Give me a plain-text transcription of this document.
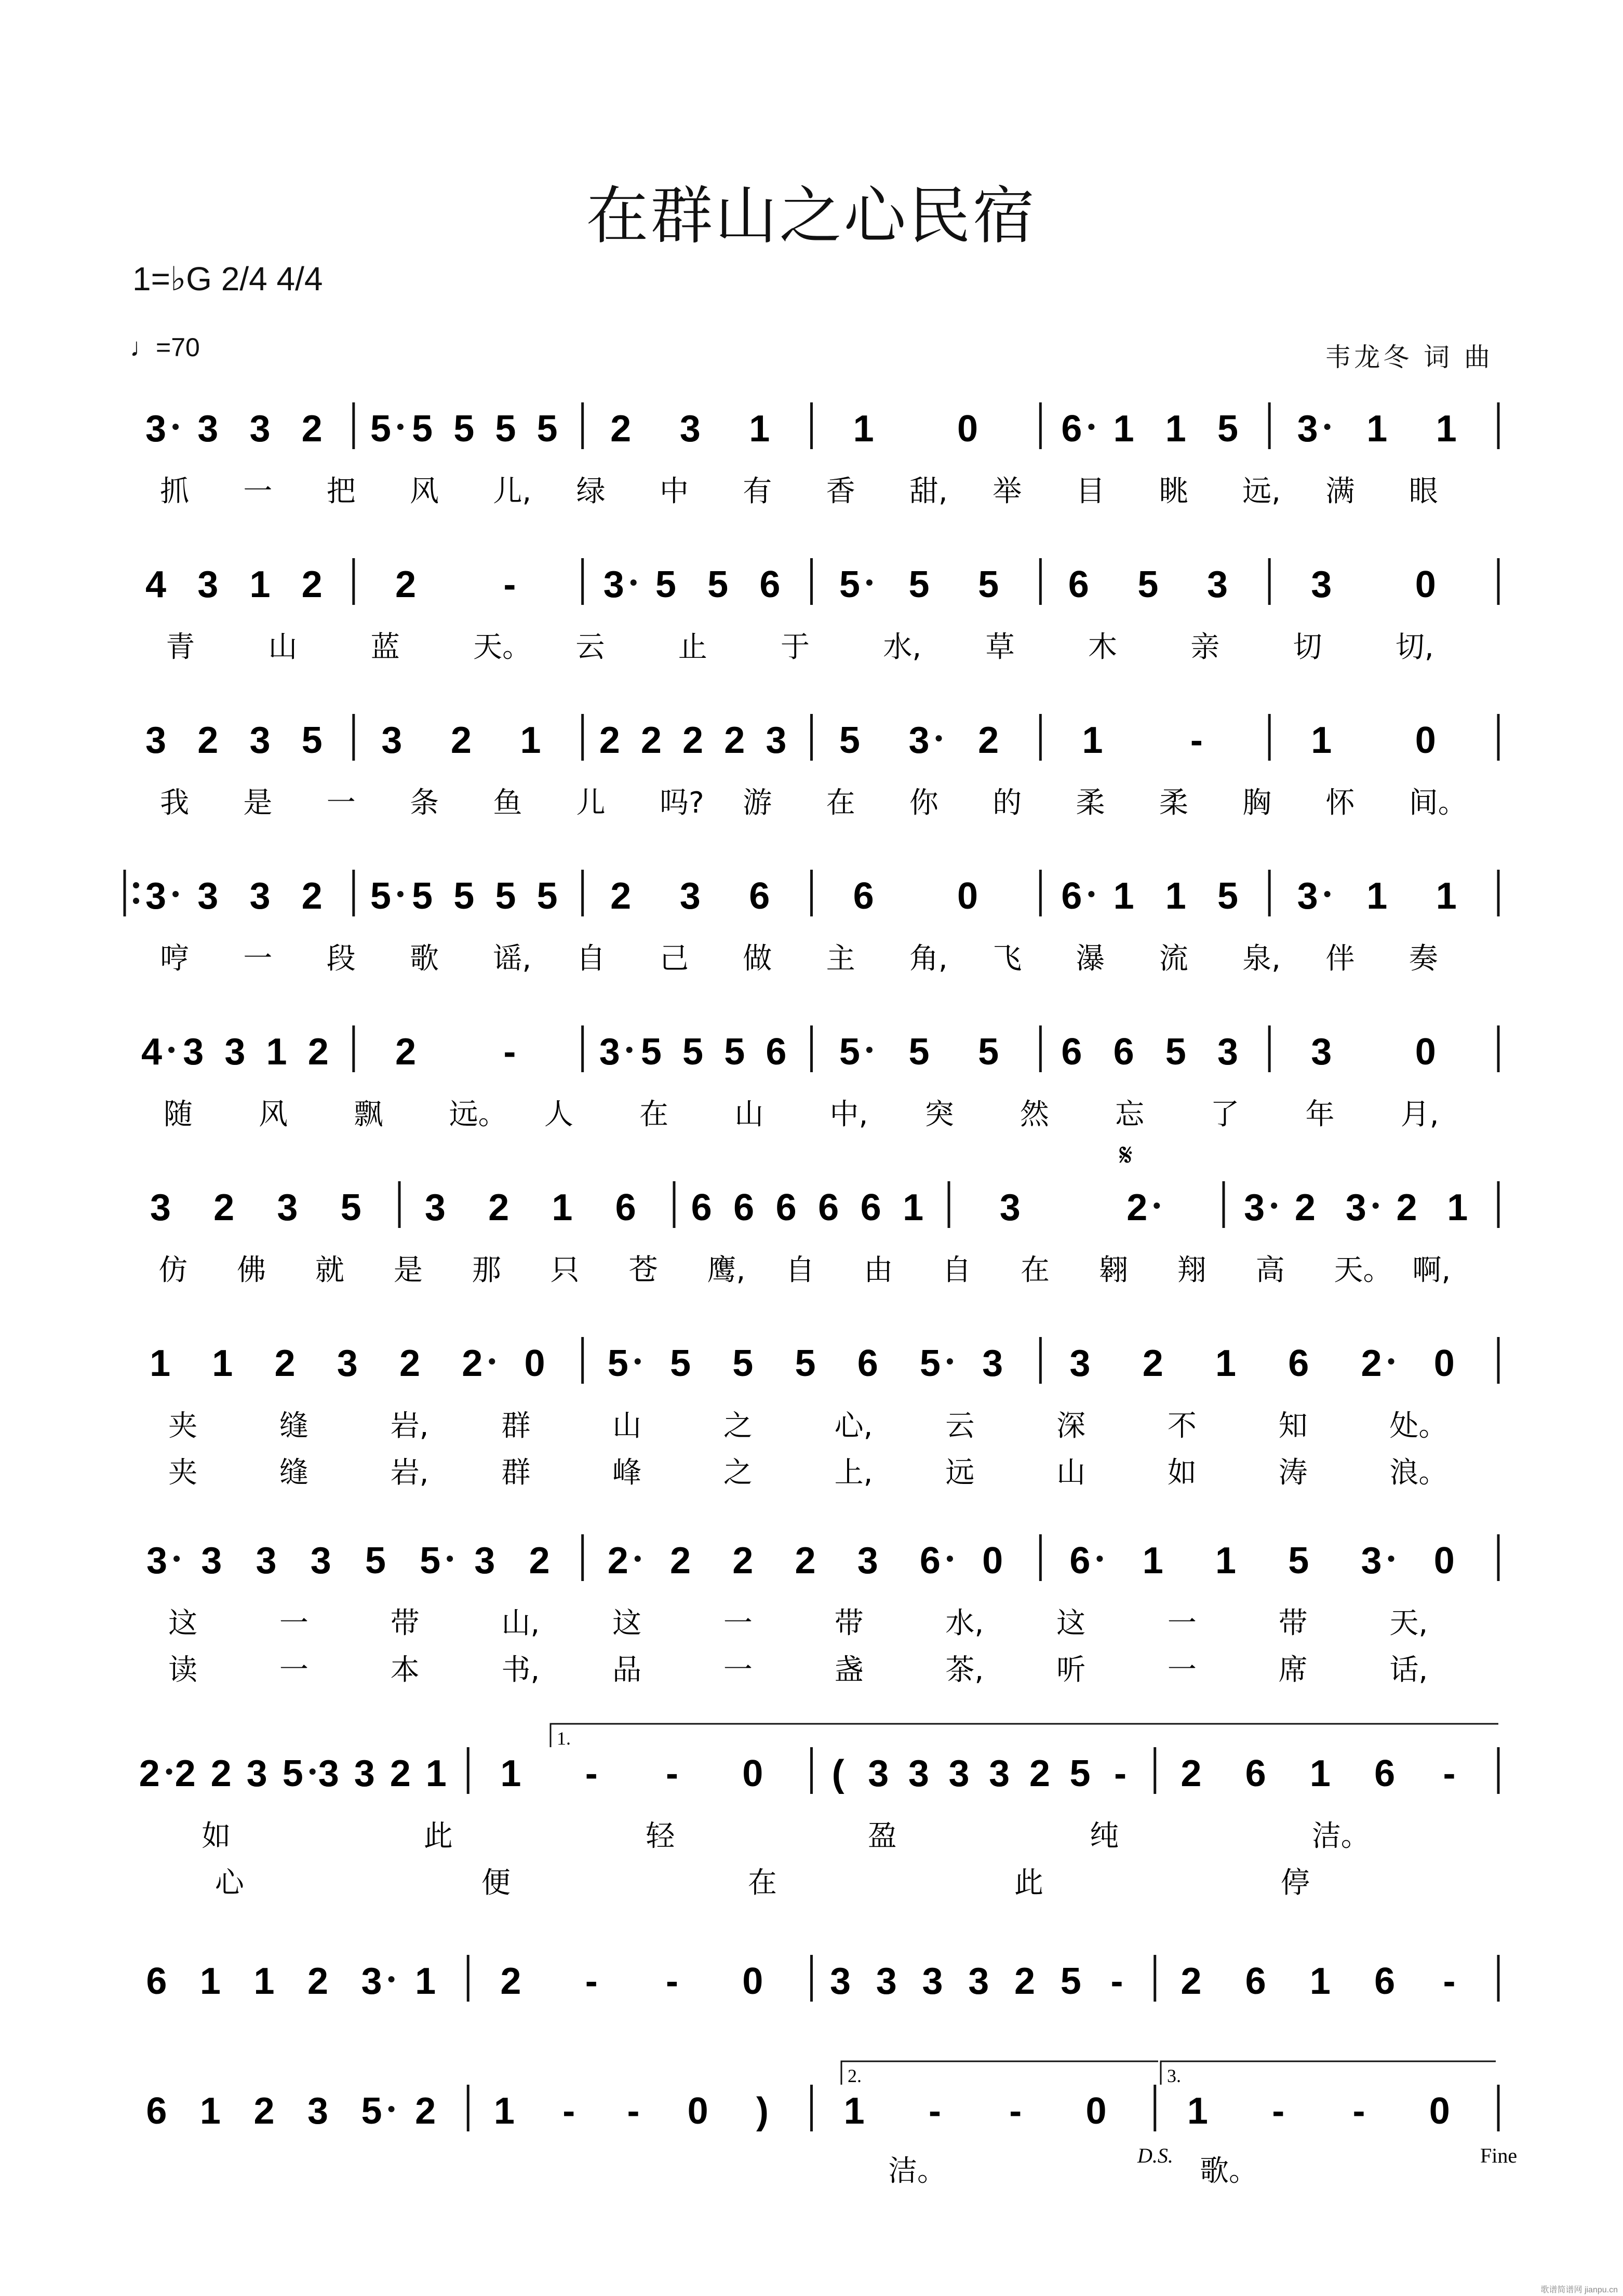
在群山之心民宿
1=♭G 2/4 4/4
♩=70	韦龙冬 词 曲
3 3 3 2 5 5 5 5 5 2 3 1 1 0 6 1 1 5 3 1 1
抓 一 把 风 儿, 绿 中 有 香 甜, 举 目 眺 远, 满 眼
4 3 1 2 2 - 3 5 5 6 5 5 5 6 5 3 3 0
青	山	蓝	天。 云	止	于	水, 草	木	亲	切	切,
3 2 3 5 3 2 1 2 2 2 2 3 5 3 2 1 -	1 0
我 是 一 条 鱼 儿 吗? 游 在 你 的 柔 柔 胸 怀 间。
3 3 3 2 5 5 5 5 5 2 3 6 6 0 6 1 1 5 3 1 1
哼 一 段 歌 谣, 自 己 做 主 角, 飞 瀑 流 泉, 伴 奏
4 3 3 1 2 2 - 3 5 5 5 6 5 5 5 6 6 5 3 3 0
随 风 飘 远。 人 在 山 中, 突 然 忘 了 年 月,
3 2 3 5 3 2 1 6 6 6 6 6 6 1 3	2	3 2 3 2 1
仿 佛 就 是 那 只 苍 鹰, 自 由 自 在 翱 翔 高 天。 啊,
1 1 2 3 2 2 0 5 5 5 5 6 5 3 3 2 1 6 2 0
夹	缝	岩, 群	山	之	心, 云	深	不	知	处。
夹	缝	岩, 群	峰	之	上, 远	山	如	涛	浪。
3 3 3 3 5 5 3 2 2 2 2 2 3 6 0 6 1 1 5 3 0
这	一	带	山, 这	一	带	水, 这	一	带	天,
读	一	本	书, 品	一	盏	茶, 听	一	席	话,
2 2 2 3 5 3 3 2 1 1 - - 0 ( 3 3 3 3 2 5 - 2 6 1 6 -
如	此	轻	盈	纯	洁。
心	便	在	此	停
6 1 1 2 3 1 2 - - 0 3 3 3 3 2 5 - 2 6 1 6 -
6 1 2 3 5 2 1 - - 0 ) 1 - - 0 1 - - 0
洁。	歌。
𝄋
1.
2.	3.
D.S.	Fine
歌谱简谱网 jianpu.cn
